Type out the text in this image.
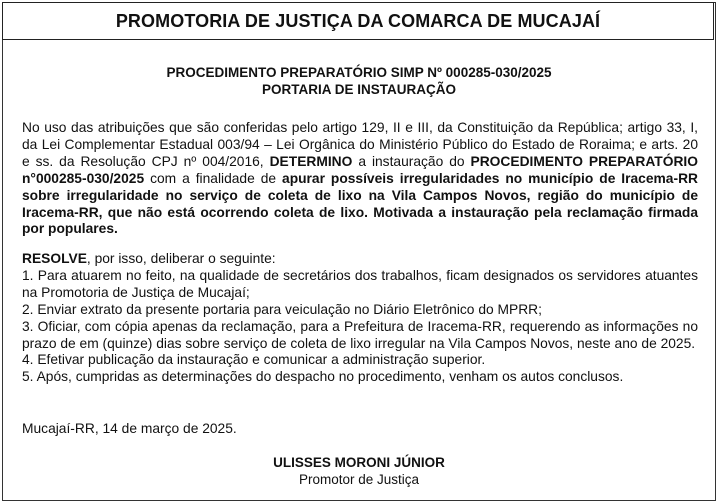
PROMOTORIA DE JUSTIÇA DA COMARCA DE MUCAJAÍ
PROCEDIMENTO PREPARATÓRIO SIMP Nº 000285-030/2025
PORTARIA DE INSTAURAÇÃO
No uso das atribuições que são conferidas pelo artigo 129, II e III, da Constituição da República; artigo 33, I, da Lei Complementar Estadual 003/94 – Lei Orgânica do Ministério Público do Estado de Roraima; e arts. 20 e ss. da Resolução CPJ nº 004/2016, DETERMINO a instauração do PROCEDIMENTO PREPARATÓRIO n°000285-030/2025 com a finalidade de apurar possíveis irregularidades no município de Iracema-RR sobre irregularidade no serviço de coleta de lixo na Vila Campos Novos, região do município de Iracema-RR, que não está ocorrendo coleta de lixo. Motivada a instauração pela reclamação firmada por populares.
RESOLVE, por isso, deliberar o seguinte:
1. Para atuarem no feito, na qualidade de secretários dos trabalhos, ficam designados os servidores atuantes na Promotoria de Justiça de Mucajaí;
2. Enviar extrato da presente portaria para veiculação no Diário Eletrônico do MPRR;
3. Oficiar, com cópia apenas da reclamação, para a Prefeitura de Iracema-RR, requerendo as informações no prazo de em (quinze) dias sobre serviço de coleta de lixo irregular na Vila Campos Novos, neste ano de 2025.
4. Efetivar publicação da instauração e comunicar a administração superior.
5. Após, cumpridas as determinações do despacho no procedimento, venham os autos conclusos.
Mucajaí-RR, 14 de março de 2025.
ULISSES MORONI JÚNIOR
Promotor de Justiça
